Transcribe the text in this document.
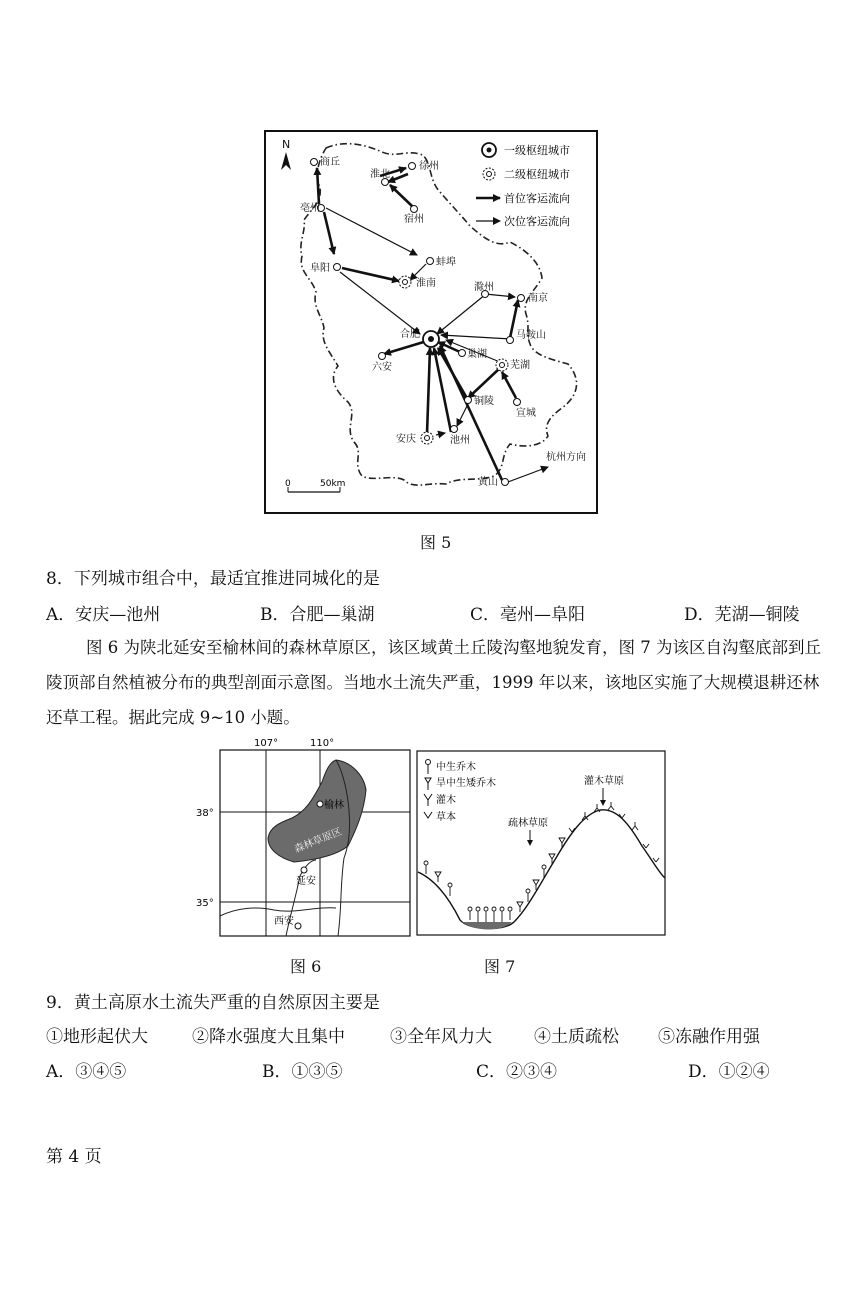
N	一级枢纽城市
二级枢纽城市
首位客运流向
次位客运流向
商丘
淮北
徐州
亳州
宿州
蚌埠
阜阳
淮南	滁州
南京
合肥	马鞍山
六安
巢湖
芜湖
铜陵
宣城
安庆	池州
黄山
杭州方向
0	50km
图 5
8．下列城市组合中，最适宜推进同城化的是
A．安庆—池州	B．合肥—巢湖	C．亳州—阜阳	D．芜湖—铜陵
图 6 为陕北延安至榆林间的森林草原区，该区域黄土丘陵沟壑地貌发育，图 7 为该区自沟壑底部到丘陵顶部自然植被分布的典型剖面示意图。当地水土流失严重，1999 年以来，该地区实施了大规模退耕还林还草工程。据此完成 9~10 小题。
107°	110°
38°
35°
森林草原区
榆林
延安
西安
图 6
中生乔木
旱中生矮乔木
灌木
草本
灌木草原
疏林草原
图 7
9．黄土高原水土流失严重的自然原因主要是
①地形起伏大	②降水强度大且集中	③全年风力大 ④土质疏松 ⑤冻融作用强
A．③④⑤	B．①③⑤	C．②③④	D．①②④
第 4 页
